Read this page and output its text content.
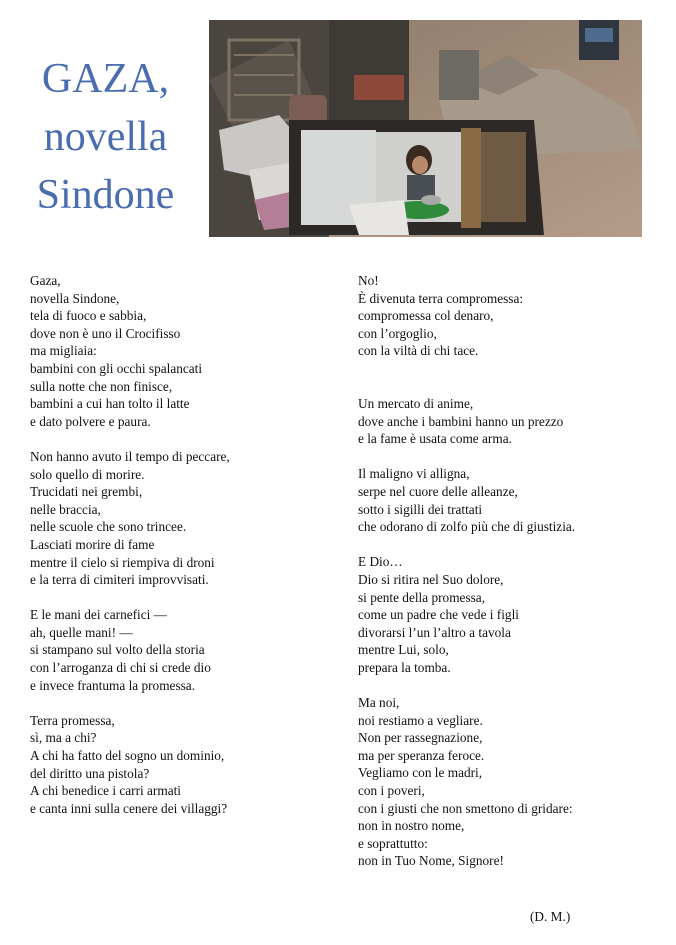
GAZA,
novella
Sindone
Gaza,
novella Sindone,
tela di fuoco e sabbia,
dove non è uno il Crocifisso
ma migliaia:
bambini con gli occhi spalancati
sulla notte che non finisce,
bambini a cui han tolto il latte
e dato polvere e paura.
Non hanno avuto il tempo di peccare,
solo quello di morire.
Trucidati nei grembi,
nelle braccia,
nelle scuole che sono trincee.
Lasciati morire di fame
mentre il cielo si riempiva di droni
e la terra di cimiteri improvvisati.
E le mani dei carnefici —
ah, quelle mani! —
si stampano sul volto della storia
con l’arroganza di chi si crede dio
e invece frantuma la promessa.
Terra promessa,
sì, ma a chi?
A chi ha fatto del sogno un dominio,
del diritto una pistola?
A chi benedice i carri armati
e canta inni sulla cenere dei villaggi?
No!
È divenuta terra compromessa:
compromessa col denaro,
con l’orgoglio,
con la viltà di chi tace.
Un mercato di anime,
dove anche i bambini hanno un prezzo
e la fame è usata come arma.
Il maligno vi alligna,
serpe nel cuore delle alleanze,
sotto i sigilli dei trattati
che odorano di zolfo più che di giustizia.
E Dio…
Dio si ritira nel Suo dolore,
si pente della promessa,
come un padre che vede i figli
divorarsi l’un l’altro a tavola
mentre Lui, solo,
prepara la tomba.
Ma noi,
noi restiamo a vegliare.
Non per rassegnazione,
ma per speranza feroce.
Vegliamo con le madri,
con i poveri,
con i giusti che non smettono di gridare:
non in nostro nome,
e soprattutto:
non in Tuo Nome, Signore!
(D. M.)
